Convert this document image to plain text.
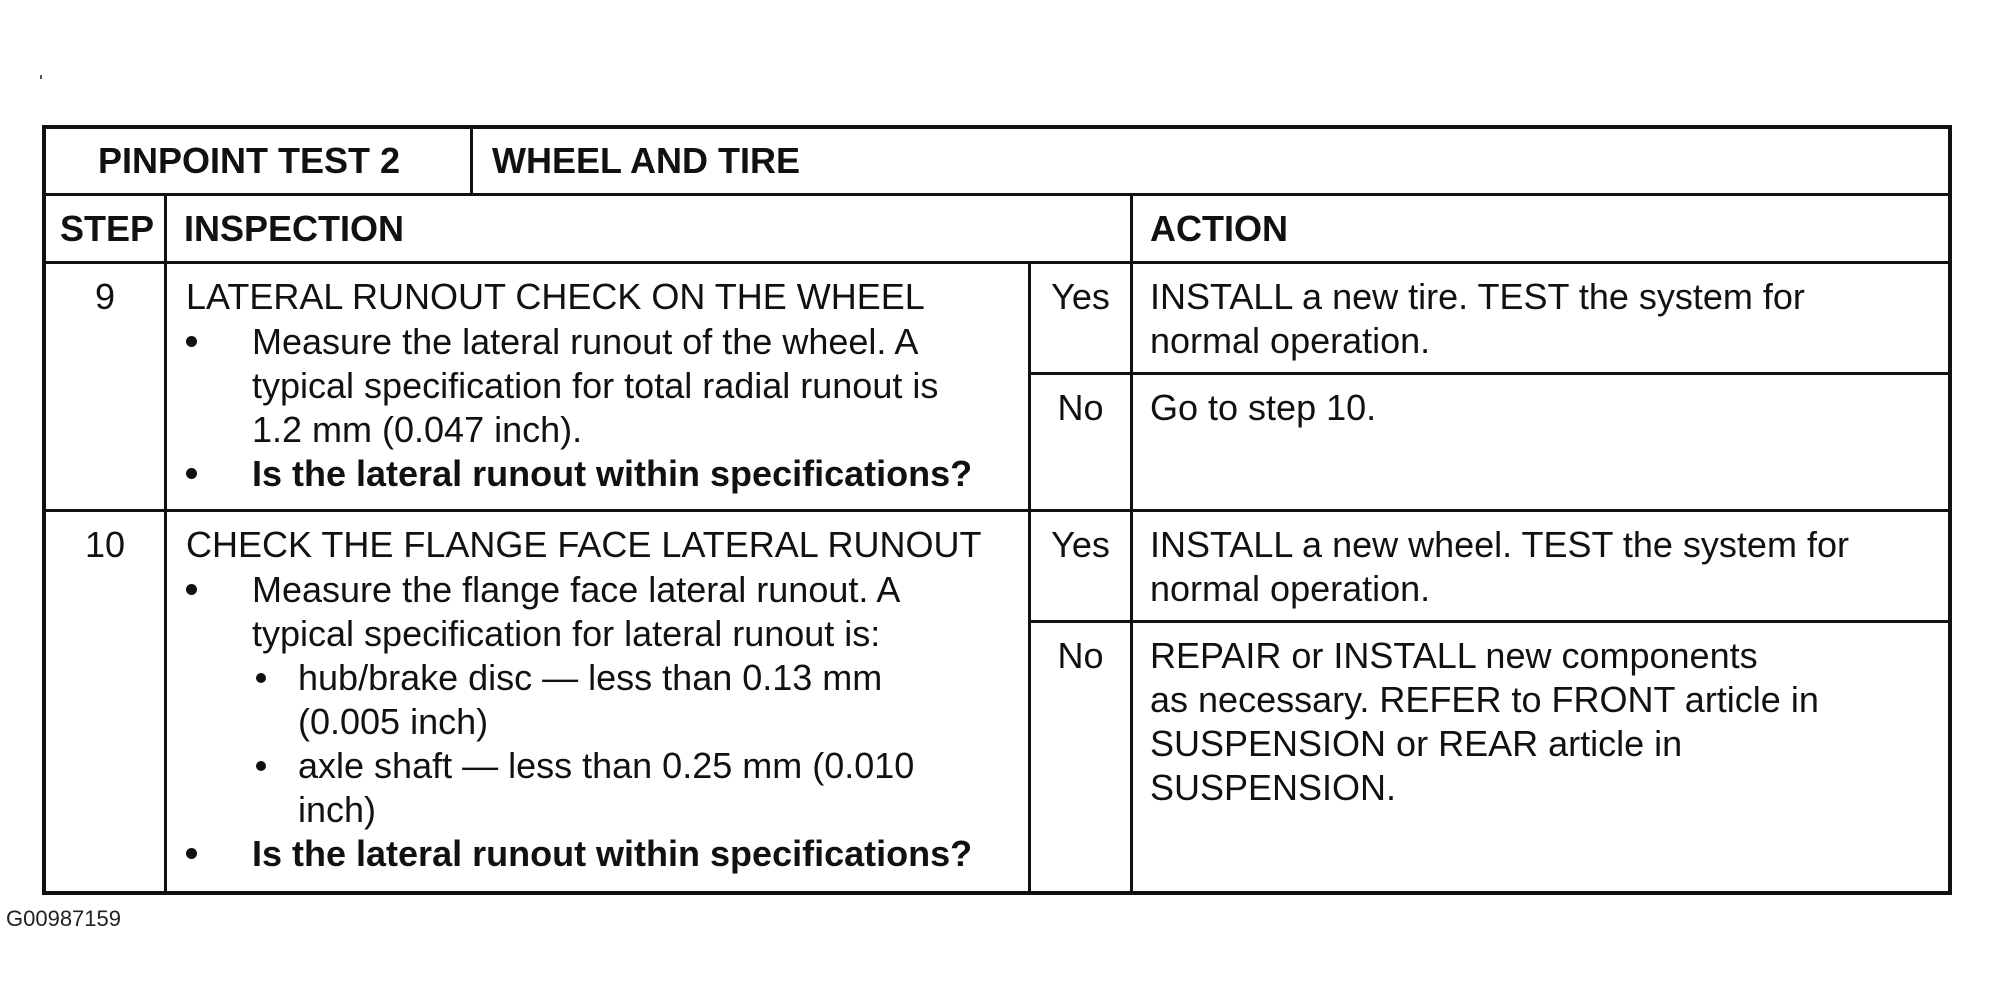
PINPOINT TEST 2	WHEEL AND TIRE
STEP INSPECTION	ACTION
9	LATERAL RUNOUT CHECK ON THE WHEEL
Measure the lateral runout of the wheel. A
typical specification for total radial runout is
1.2 mm (0.047 inch).
Is the lateral runout within specifications?
Yes	INSTALL a new tire. TEST the system for
normal operation.
No	Go to step 10.
10	CHECK THE FLANGE FACE LATERAL RUNOUT
Measure the flange face lateral runout. A
typical specification for lateral runout is:
hub/brake disc — less than 0.13 mm
(0.005 inch)
axle shaft — less than 0.25 mm (0.010
inch)
Is the lateral runout within specifications?
Yes	INSTALL a new wheel. TEST the system for
normal operation.
No	REPAIR or INSTALL new components
as necessary. REFER to FRONT article in
SUSPENSION or REAR article in
SUSPENSION.
G00987159
